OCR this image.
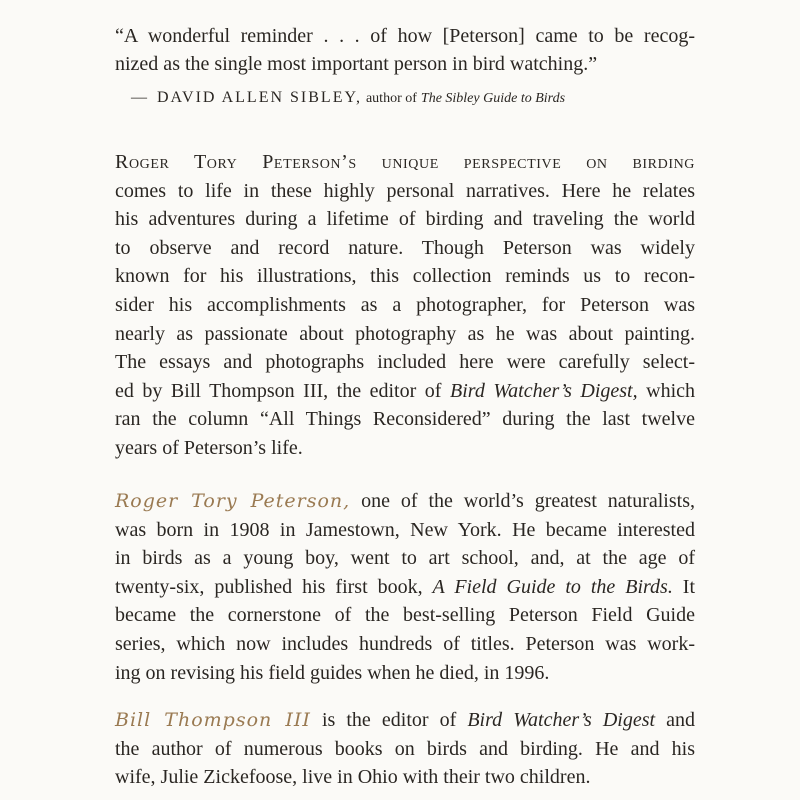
“A wonderful reminder . . . of how [Peterson] came to be recog-
nized as the single most important person in bird watching.”

— DAVID ALLEN SIBLEY, author of The Sibley Guide to Birds

Roger Tory Peterson’s unique perspective on birding
comes to life in these highly personal narratives. Here he relates
his adventures during a lifetime of birding and traveling the world
to observe and record nature. Though Peterson was widely
known for his illustrations, this collection reminds us to recon-
sider his accomplishments as a photographer, for Peterson was
nearly as passionate about photography as he was about painting.
The essays and photographs included here were carefully select-
ed by Bill Thompson III, the editor of Bird Watcher’s Digest, which
ran the column “All Things Reconsidered” during the last twelve
years of Peterson’s life.
Roger Tory Peterson, one of the world’s greatest naturalists,
was born in 1908 in Jamestown, New York. He became interested
in birds as a young boy, went to art school, and, at the age of
twenty-six, published his first book, A Field Guide to the Birds. It
became the cornerstone of the best-selling Peterson Field Guide
series, which now includes hundreds of titles. Peterson was work-
ing on revising his field guides when he died, in 1996.
Bill Thompson III is the editor of Bird Watcher’s Digest and
the author of numerous books on birds and birding. He and his
wife, Julie Zickefoose, live in Ohio with their two children.
